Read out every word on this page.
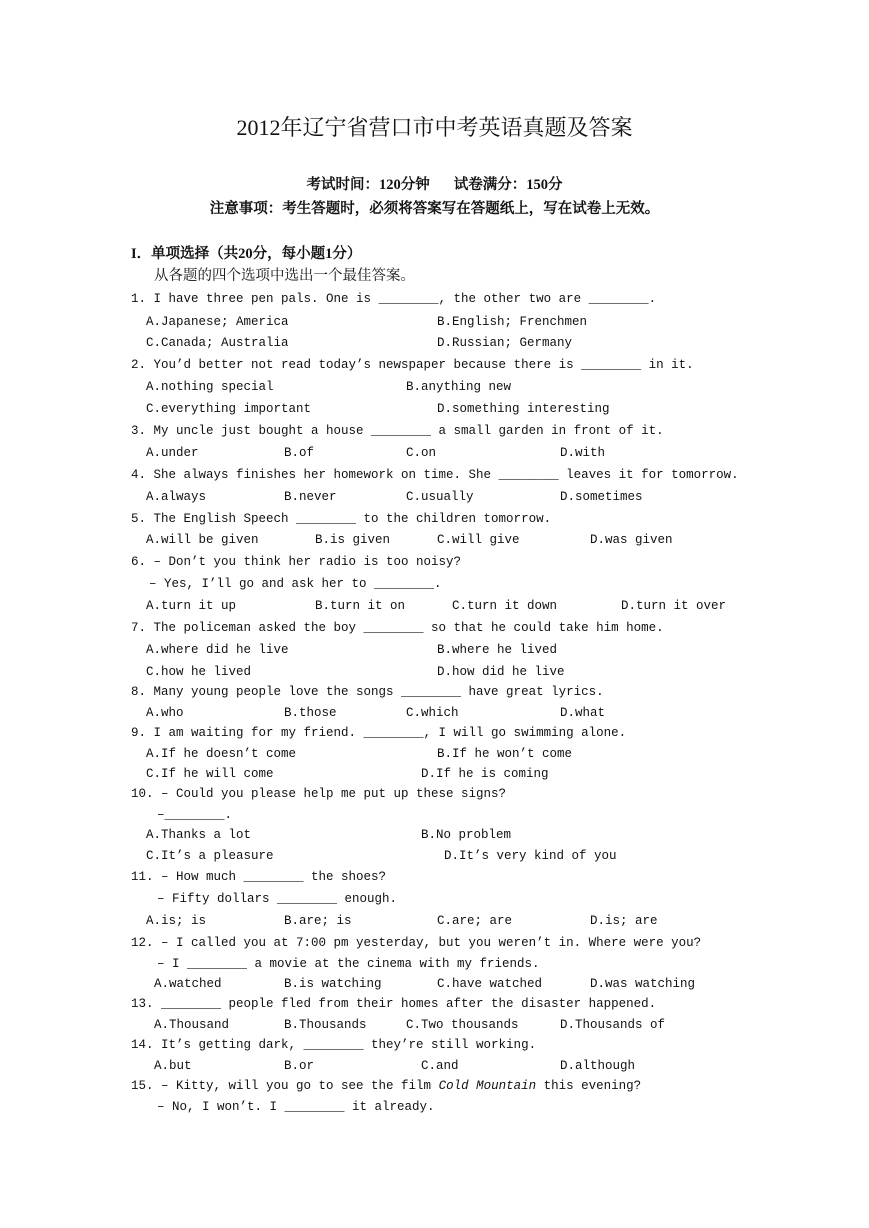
2012年辽宁省营口市中考英语真题及答案
考试时间：120分钟 试卷满分：150分
注意事项：考生答题时，必须将答案写在答题纸上，写在试卷上无效。
I．单项选择（共20分，每小题1分）
从各题的四个选项中选出一个最佳答案。
1. I have three pen pals. One is ________, the other two are ________.
A.Japanese; America	B.English; Frenchmen
C.Canada; Australia	D.Russian; Germany
2. You’d better not read today’s newspaper because there is ________ in it.
A.nothing special	B.anything new
C.everything important	D.something interesting
3. My uncle just bought a house ________ a small garden in front of it.
A.under	B.of	C.on	D.with
4. She always finishes her homework on time. She ________ leaves it for tomorrow.
A.always	B.never	C.usually	D.sometimes
5. The English Speech ________ to the children tomorrow.
A.will be given	B.is given	C.will give	D.was given
6. – Don’t you think her radio is too noisy?
– Yes, I’ll go and ask her to ________.
A.turn it up	B.turn it on	C.turn it down	D.turn it over
7. The policeman asked the boy ________ so that he could take him home.
A.where did he live	B.where he lived
C.how he lived	D.how did he live
8. Many young people love the songs ________ have great lyrics.
A.who	B.those	C.which	D.what
9. I am waiting for my friend. ________, I will go swimming alone.
A.If he doesn’t come	B.If he won’t come
C.If he will come	D.If he is coming
10. – Could you please help me put up these signs?
–________.
A.Thanks a lot	B.No problem
C.It’s a pleasure	D.It’s very kind of you
11. – How much ________ the shoes?
– Fifty dollars ________ enough.
A.is; is	B.are; is	C.are; are	D.is; are
12. – I called you at 7:00 pm yesterday, but you weren’t in. Where were you?
– I ________ a movie at the cinema with my friends.
A.watched	B.is watching	C.have watched	D.was watching
13. ________ people fled from their homes after the disaster happened.
A.Thousand	B.Thousands	C.Two thousands	D.Thousands of
14. It’s getting dark, ________ they’re still working.
A.but	B.or	C.and	D.although
15. – Kitty, will you go to see the film Cold Mountain this evening?
– No, I won’t. I ________ it already.
